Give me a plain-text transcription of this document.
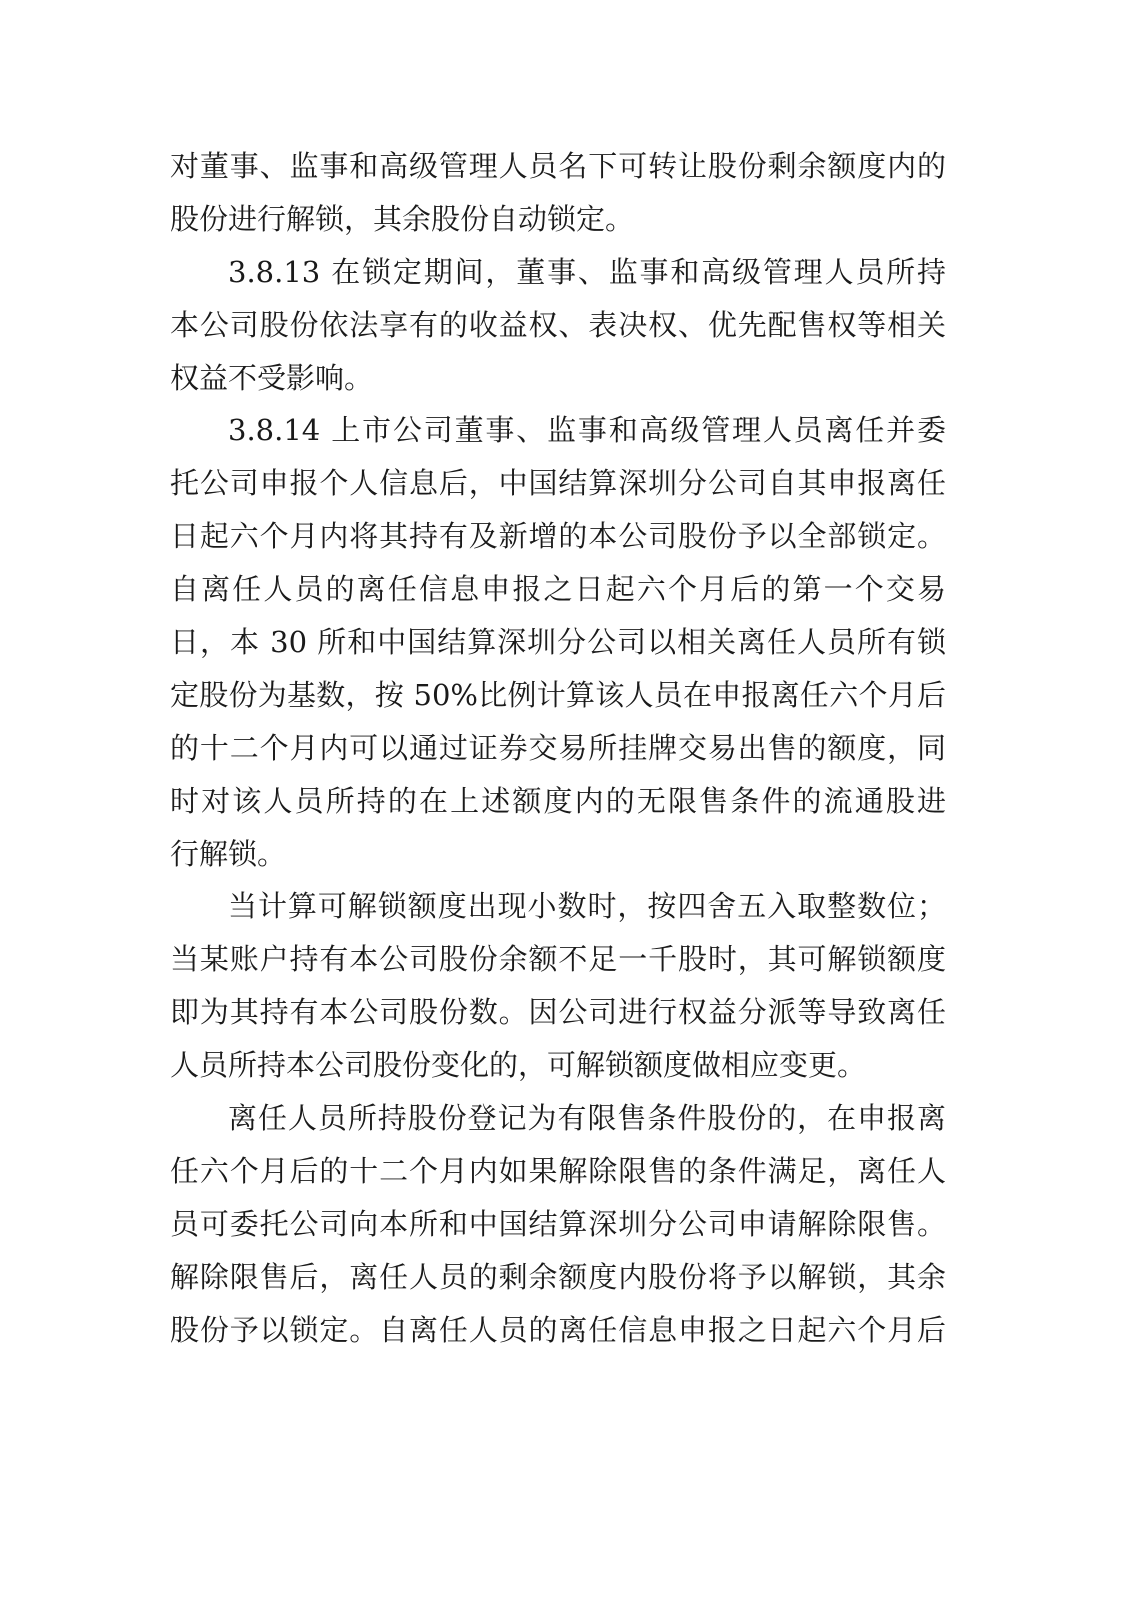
对董事、监事和高级管理人员名下可转让股份剩余额度内的
股份进行解锁，其余股份自动锁定。
3.8.13 在锁定期间，董事、监事和高级管理人员所持
本公司股份依法享有的收益权、表决权、优先配售权等相关
权益不受影响。
3.8.14 上市公司董事、监事和高级管理人员离任并委
托公司申报个人信息后，中国结算深圳分公司自其申报离任
日起六个月内将其持有及新增的本公司股份予以全部锁定。
自离任人员的离任信息申报之日起六个月后的第一个交易
日，本 30 所和中国结算深圳分公司以相关离任人员所有锁
定股份为基数，按 50%比例计算该人员在申报离任六个月后
的十二个月内可以通过证券交易所挂牌交易出售的额度，同
时对该人员所持的在上述额度内的无限售条件的流通股进
行解锁。
当计算可解锁额度出现小数时，按四舍五入取整数位；
当某账户持有本公司股份余额不足一千股时，其可解锁额度
即为其持有本公司股份数。因公司进行权益分派等导致离任
人员所持本公司股份变化的，可解锁额度做相应变更。
离任人员所持股份登记为有限售条件股份的，在申报离
任六个月后的十二个月内如果解除限售的条件满足，离任人
员可委托公司向本所和中国结算深圳分公司申请解除限售。
解除限售后，离任人员的剩余额度内股份将予以解锁，其余
股份予以锁定。自离任人员的离任信息申报之日起六个月后
